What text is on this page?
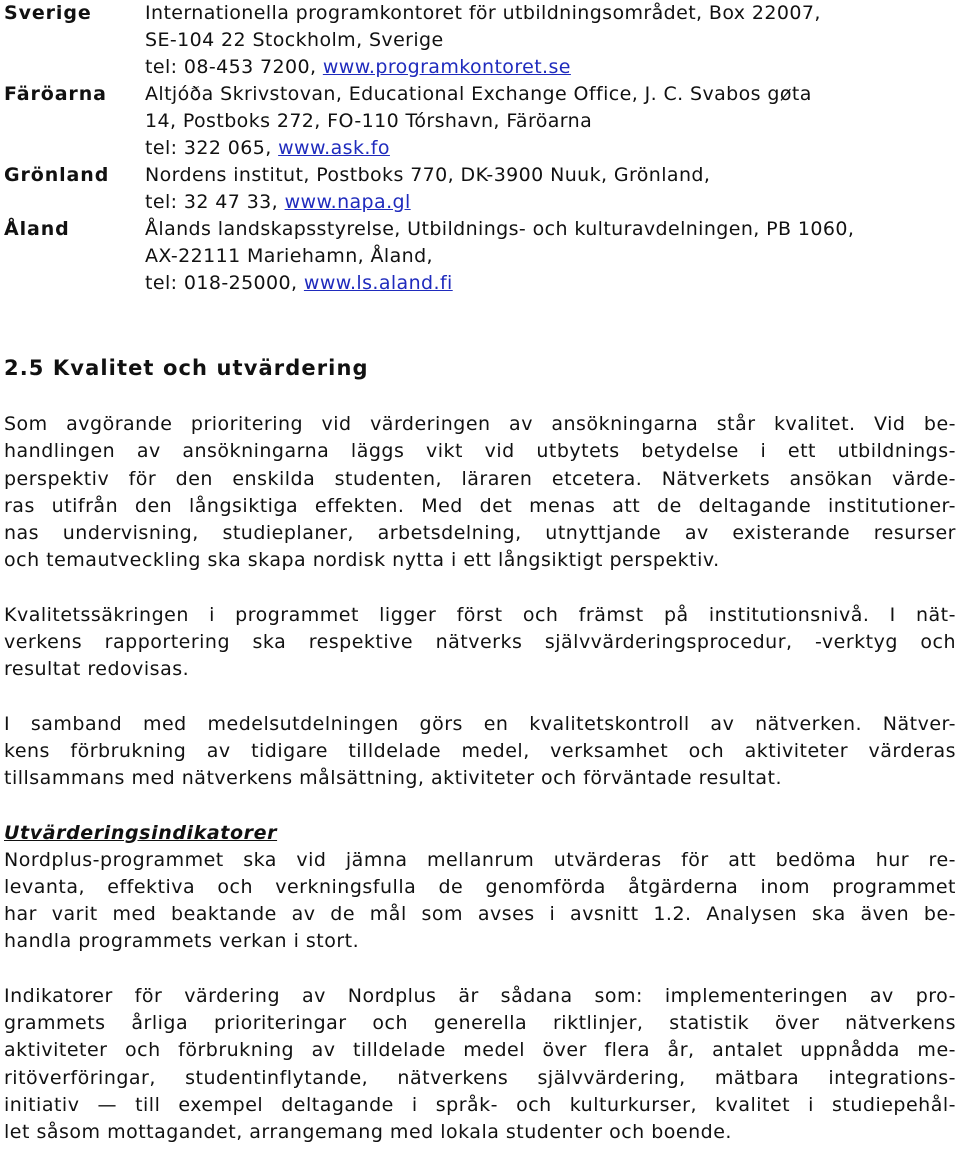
Sverige	Internationella programkontoret för utbildningsområdet, Box 22007,
SE-104 22 Stockholm, Sverige
tel: 08-453 7200, www.programkontoret.se
Färöarna Altjóða Skrivstovan, Educational Exchange Office, J. C. Svabos gøta
14, Postboks 272, FO-110 Tórshavn, Färöarna
tel: 322 065, www.ask.fo
Grönland Nordens institut, Postboks 770, DK-3900 Nuuk, Grönland,
tel: 32 47 33, www.napa.gl
Åland	Ålands landskapsstyrelse, Utbildnings- och kulturavdelningen, PB 1060,
AX-22111 Mariehamn, Åland,
tel: 018-25000, www.ls.aland.fi
2.5 Kvalitet och utvärdering
Som avgörande prioritering vid värderingen av ansökningarna står kvalitet. Vid be-
handlingen av ansökningarna läggs vikt vid utbytets betydelse i ett utbildnings-
perspektiv för den enskilda studenten, läraren etcetera. Nätverkets ansökan värde-
ras utifrån den långsiktiga effekten. Med det menas att de deltagande institutioner-
nas undervisning, studieplaner, arbetsdelning, utnyttjande av existerande resurser
och temautveckling ska skapa nordisk nytta i ett långsiktigt perspektiv.
Kvalitetssäkringen i programmet ligger först och främst på institutionsnivå. I nät-
verkens rapportering ska respektive nätverks självvärderingsprocedur, -verktyg och
resultat redovisas.
I samband med medelsutdelningen görs en kvalitetskontroll av nätverken. Nätver-
kens förbrukning av tidigare tilldelade medel, verksamhet och aktiviteter värderas
tillsammans med nätverkens målsättning, aktiviteter och förväntade resultat.
Utvärderingsindikatorer
Nordplus-programmet ska vid jämna mellanrum utvärderas för att bedöma hur re-
levanta, effektiva och verkningsfulla de genomförda åtgärderna inom programmet
har varit med beaktande av de mål som avses i avsnitt 1.2. Analysen ska även be-
handla programmets verkan i stort.
Indikatorer för värdering av Nordplus är sådana som: implementeringen av pro-
grammets årliga prioriteringar och generella riktlinjer, statistik över nätverkens
aktiviteter och förbrukning av tilldelade medel över flera år, antalet uppnådda me-
ritöverföringar, studentinflytande, nätverkens självvärdering, mätbara integrations-
initiativ — till exempel deltagande i språk- och kulturkurser, kvalitet i studiepehål-
let såsom mottagandet, arrangemang med lokala studenter och boende.
